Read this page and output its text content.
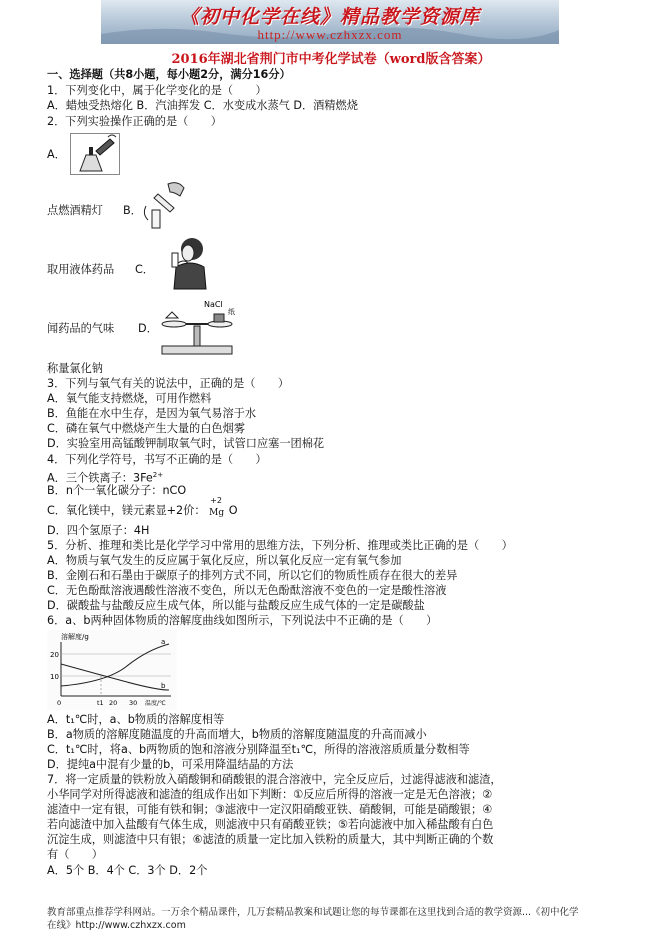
《初中化学在线》精品教学资源库
http://www.czhxzx.com
2016年湖北省荆门市中考化学试卷（word版含答案）
一、选择题（共8小题，每小题2分，满分16分）
1．下列变化中，属于化学变化的是（　　）
A．蜡烛受热熔化 B．汽油挥发 C．水变成水蒸气 D．酒精燃烧
2．下列实验操作正确的是（　　）
A．
点燃酒精灯 B．
取用液体药品 C．
闻药品的气味 D．
NaCl
纸
称量氯化钠
3．下列与氧气有关的说法中，正确的是（　　）
A．氧气能支持燃烧，可用作燃料
B．鱼能在水中生存，是因为氧气易溶于水
C．磷在氧气中燃烧产生大量的白色烟雾
D．实验室用高锰酸钾制取氧气时，试管口应塞一团棉花
4．下列化学符号，书写不正确的是（　　）
A．三个铁离子：$3Fe^{2+}$
B．n个一氧化碳分子：nCO
C．氧化镁中，镁元素显+2价：
+2
Mg O
D．四个氢原子：4H
5．分析、推理和类比是化学学习中常用的思维方法，下列分析、推理或类比正确的是（　　）
A．物质与氧气发生的反应属于氧化反应，所以氧化反应一定有氧气参加
B．金刚石和石墨由于碳原子的排列方式不同，所以它们的物质性质存在很大的差异
C．无色酚酞溶液遇酸性溶液不变色，所以无色酚酞溶液不变色的一定是酸性溶液
D．碳酸盐与盐酸反应生成气体，所以能与盐酸反应生成气体的一定是碳酸盐
6．a、b两种固体物质的溶解度曲线如图所示，下列说法中不正确的是（　　）
溶解度/g
20
10
a
b
0	t1 20 30 温度/℃
A．t₁℃时，a、b物质的溶解度相等
B．a物质的溶解度随温度的升高而增大，b物质的溶解度随温度的升高而减小
C．t₁℃时，将a、b两物质的饱和溶液分别降温至t₁℃，所得的溶液溶质质量分数相等
D．提纯a中混有少量的b，可采用降温结晶的方法
7．将一定质量的铁粉放入硝酸铜和硝酸银的混合溶液中，完全反应后，过滤得滤液和滤渣，
小华同学对所得滤液和滤渣的组成作出如下判断：①反应后所得的溶液一定是无色溶液；②
滤渣中一定有银，可能有铁和铜；③滤液中一定汉阳硝酸亚铁、硝酸铜，可能是硝酸银；④
若向滤渣中加入盐酸有气体生成，则滤液中只有硝酸亚铁；⑤若向滤液中加入稀盐酸有白色
沉淀生成，则滤渣中只有银；⑥滤渣的质量一定比加入铁粉的质量大，其中判断正确的个数
有（　　）
A．5个 B．4个 C．3个 D．2个
教育部重点推荐学科网站。一万余个精品课件，几万套精品教案和试题让您的每节课都在这里找到合适的教学资源...《初中化学
在线》http://www.czhxzx.com
